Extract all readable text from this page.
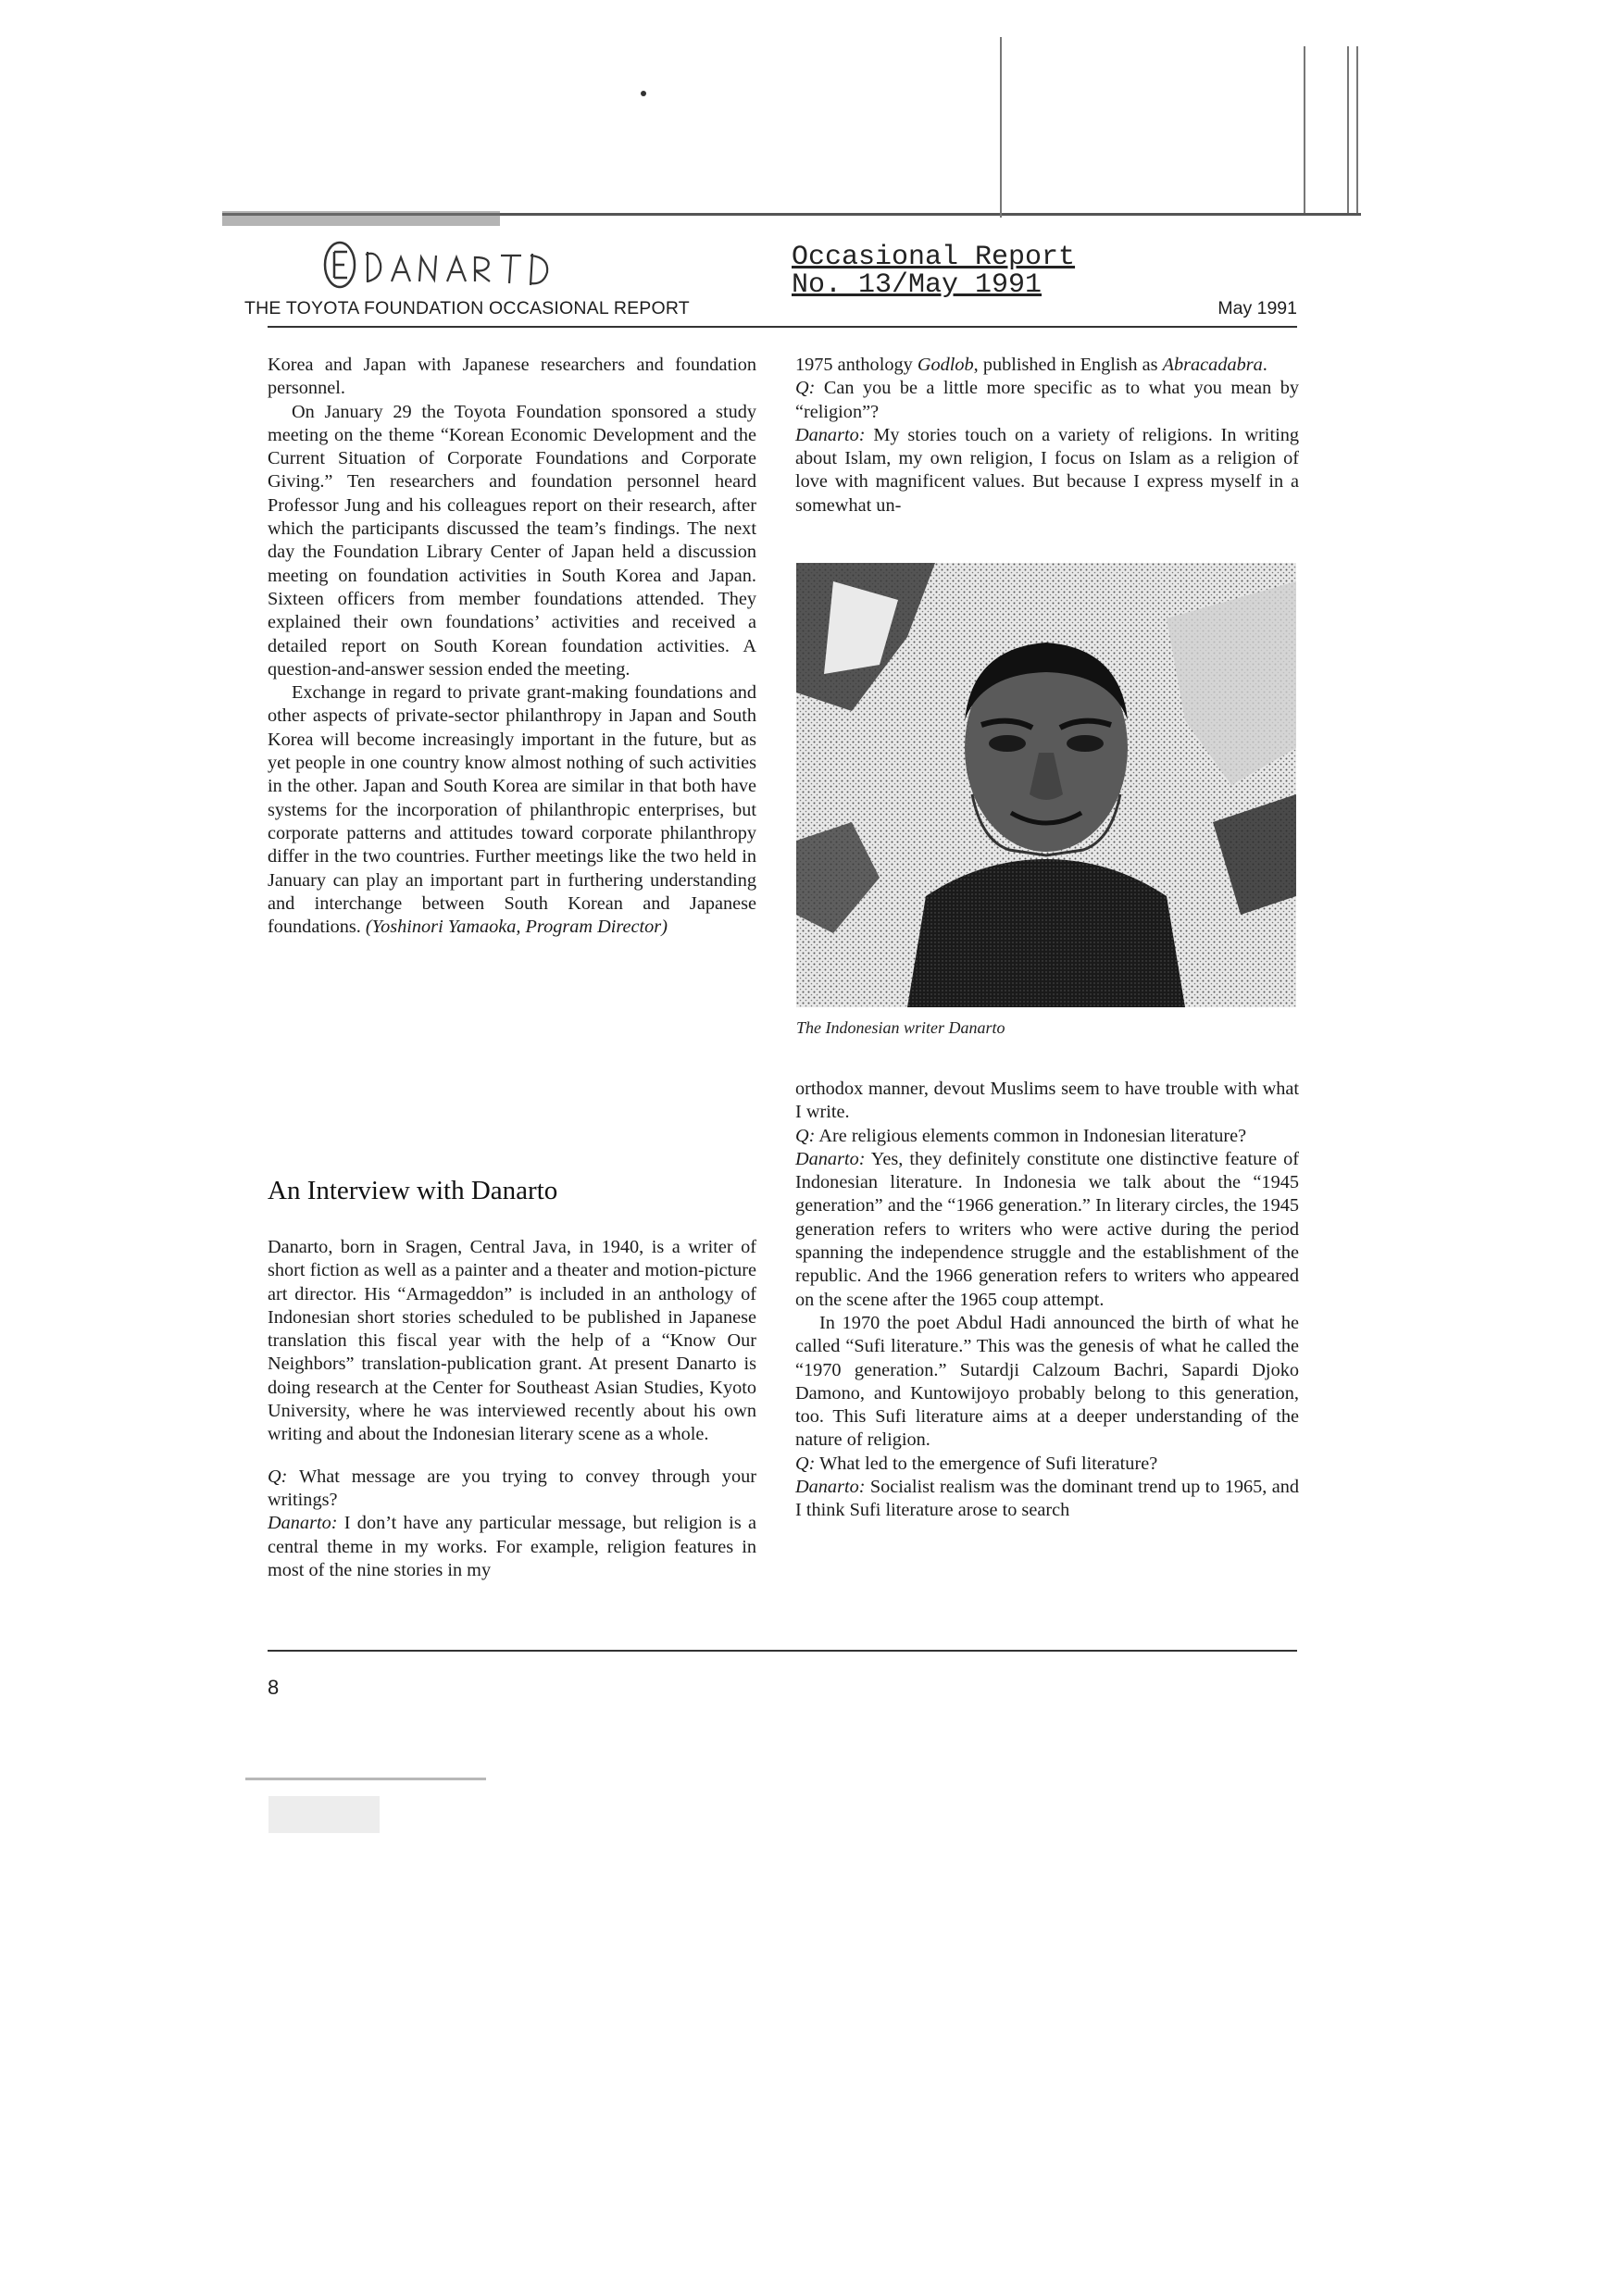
Occasional Report
No. 13/May 1991
THE TOYOTA FOUNDATION OCCASIONAL REPORT	May 1991

Korea and Japan with Japanese researchers and foundation personnel.

On January 29 the Toyota Foundation sponsored a study meeting on the theme “Korean Economic Development and the Current Situation of Corporate Foundations and Corporate Giving.” Ten researchers and foundation personnel heard Professor Jung and his colleagues report on their research, after which the participants discussed the team’s findings. The next day the Foundation Library Center of Japan held a discussion meeting on foundation activities in South Korea and Japan. Sixteen officers from member foundations attended. They explained their own foundations’ activities and received a detailed report on South Korean foundation activities. A question-and-answer session ended the meeting.

Exchange in regard to private grant-making foundations and other aspects of private-sector philanthropy in Japan and South Korea will become increasingly important in the future, but as yet people in one country know almost nothing of such activities in the other. Japan and South Korea are similar in that both have systems for the incorporation of philanthropic enterprises, but corporate patterns and attitudes toward corporate philanthropy differ in the two countries. Further meetings like the two held in January can play an important part in furthering understanding and interchange between South Korean and Japanese foundations. (Yoshinori Yamaoka, Program Director)

An Interview with Danarto

Danarto, born in Sragen, Central Java, in 1940, is a writer of short fiction as well as a painter and a theater and motion-picture art director. His “Armageddon” is included in an anthology of Indonesian short stories scheduled to be published in Japanese translation this fiscal year with the help of a “Know Our Neighbors” translation-publication grant. At present Danarto is doing research at the Center for Southeast Asian Studies, Kyoto University, where he was interviewed recently about his own writing and about the Indonesian literary scene as a whole.

Q: What message are you trying to convey through your writings?

Danarto: I don’t have any particular message, but religion is a central theme in my works. For example, religion features in most of the nine stories in my

1975 anthology Godlob, published in English as Abracadabra.

Q: Can you be a little more specific as to what you mean by “religion”?

Danarto: My stories touch on a variety of religions. In writing about Islam, my own religion, I focus on Islam as a religion of love with magnificent values. But because I express myself in a somewhat un-

The Indonesian writer Danarto

orthodox manner, devout Muslims seem to have trouble with what I write.

Q: Are religious elements common in Indonesian literature?

Danarto: Yes, they definitely constitute one distinctive feature of Indonesian literature. In Indonesia we talk about the “1945 generation” and the “1966 generation.” In literary circles, the 1945 generation refers to writers who were active during the period spanning the independence struggle and the establishment of the republic. And the 1966 generation refers to writers who appeared on the scene after the 1965 coup attempt.

In 1970 the poet Abdul Hadi announced the birth of what he called “Sufi literature.” This was the genesis of what he called the “1970 generation.” Sutardji Calzoum Bachri, Sapardi Djoko Damono, and Kuntowijoyo probably belong to this generation, too. This Sufi literature aims at a deeper understanding of the nature of religion.

Q: What led to the emergence of Sufi literature?

Danarto: Socialist realism was the dominant trend up to 1965, and I think Sufi literature arose to search

8
